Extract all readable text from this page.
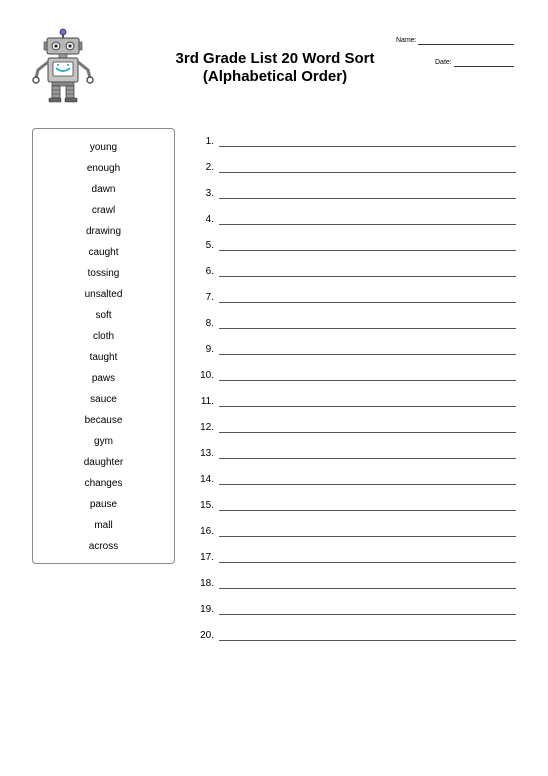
3rd Grade List 20 Word Sort
(Alphabetical Order)
Name:
Date:
young
enough
dawn
crawl
drawing
caught
tossing
unsalted
soft
cloth
taught
paws
sauce
because
gym
daughter
changes
pause
mall
across
1.
2.
3.
4.
5.
6.
7.
8.
9.
10.
11.
12.
13.
14.
15.
16.
17.
18.
19.
20.
